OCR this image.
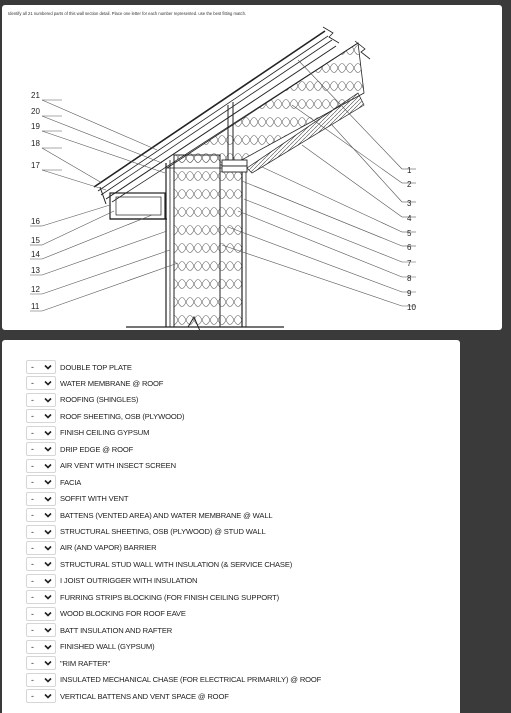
Identify all 21 numbered parts of this wall section detail. Place one letter for each number represented. use the best fitting match.
21
20
19
18
17
16
15
14
13
12
11
1
2
3
4
5
6
7
8
9
10
-	DOUBLE TOP PLATE
-	WATER MEMBRANE @ ROOF
-	ROOFING (SHINGLES)
-	ROOF SHEETING, OSB (PLYWOOD)
-	FINISH CEILING GYPSUM
-	DRIP EDGE @ ROOF
-	AIR VENT WITH INSECT SCREEN
-	FACIA
-	SOFFIT WITH VENT
-	BATTENS (VENTED AREA) AND WATER MEMBRANE @ WALL
-	STRUCTURAL SHEETING, OSB (PLYWOOD) @ STUD WALL
-	AIR (AND VAPOR) BARRIER
-	STRUCTURAL STUD WALL WITH INSULATION (& SERVICE CHASE)
-	I JOIST OUTRIGGER WITH INSULATION
-	FURRING STRIPS BLOCKING (FOR FINISH CEILING SUPPORT)
-	WOOD BLOCKING FOR ROOF EAVE
-	BATT INSULATION AND RAFTER
-	FINISHED WALL (GYPSUM)
-	"RIM RAFTER"
-	INSULATED MECHANICAL CHASE (FOR ELECTRICAL PRIMARILY) @ ROOF
-	VERTICAL BATTENS AND VENT SPACE @ ROOF
